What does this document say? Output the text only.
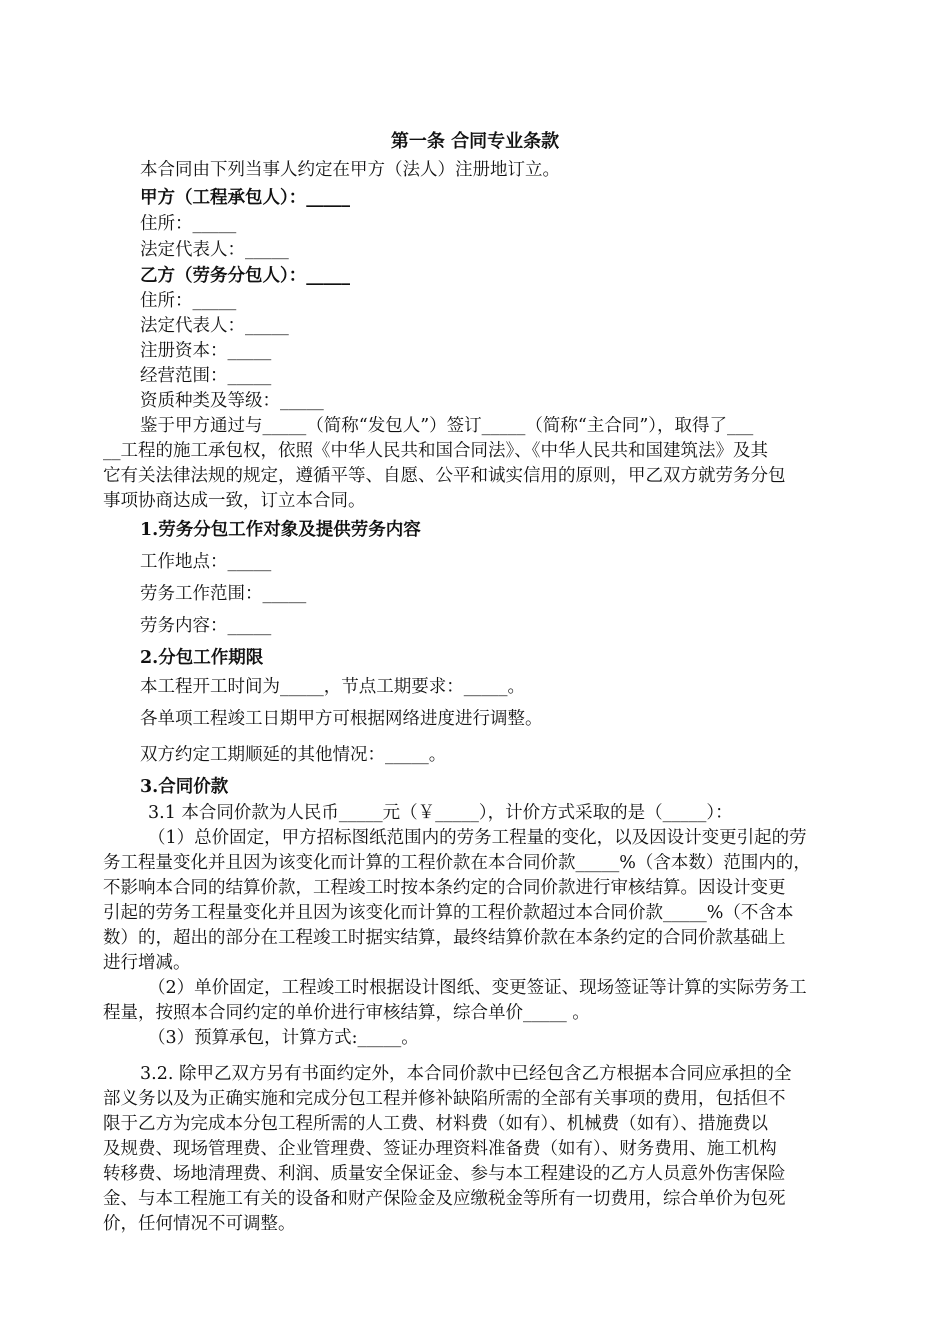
第一条 合同专业条款
本合同由下列当事人约定在甲方（法人）注册地订立。
甲方（工程承包人）：_____
住所：_____
法定代表人：_____
乙方（劳务分包人）：_____
住所：_____
法定代表人：_____
注册资本：_____
经营范围：_____
资质种类及等级：_____
鉴于甲方通过与_____（简称“发包人”）签订_____（简称“主合同”），取得了___
__工程的施工承包权，依照《中华人民共和国合同法》、《中华人民共和国建筑法》及其
它有关法律法规的规定，遵循平等、自愿、公平和诚实信用的原则，甲乙双方就劳务分包
事项协商达成一致，订立本合同。
1.劳务分包工作对象及提供劳务内容
工作地点：_____
劳务工作范围：_____
劳务内容：_____
2.分包工作期限
本工程开工时间为_____，节点工期要求：_____。
各单项工程竣工日期甲方可根据网络进度进行调整。
双方约定工期顺延的其他情况：_____。
3.合同价款
3.1 本合同价款为人民币_____元（￥_____），计价方式采取的是（_____）：
（1）总价固定，甲方招标图纸范围内的劳务工程量的变化，以及因设计变更引起的劳
务工程量变化并且因为该变化而计算的工程价款在本合同价款_____%（含本数）范围内的，
不影响本合同的结算价款，工程竣工时按本条约定的合同价款进行审核结算。因设计变更
引起的劳务工程量变化并且因为该变化而计算的工程价款超过本合同价款_____%（不含本
数）的，超出的部分在工程竣工时据实结算，最终结算价款在本条约定的合同价款基础上
进行增减。
（2）单价固定，工程竣工时根据设计图纸、变更签证、现场签证等计算的实际劳务工
程量，按照本合同约定的单价进行审核结算，综合单价_____ 。
（3）预算承包，计算方式:_____。
3.2. 除甲乙双方另有书面约定外，本合同价款中已经包含乙方根据本合同应承担的全
部义务以及为正确实施和完成分包工程并修补缺陷所需的全部有关事项的费用，包括但不
限于乙方为完成本分包工程所需的人工费、材料费（如有）、机械费（如有）、措施费以
及规费、现场管理费、企业管理费、签证办理资料准备费（如有）、财务费用、施工机构
转移费、场地清理费、利润、质量安全保证金、参与本工程建设的乙方人员意外伤害保险
金、与本工程施工有关的设备和财产保险金及应缴税金等所有一切费用，综合单价为包死
价，任何情况不可调整。
